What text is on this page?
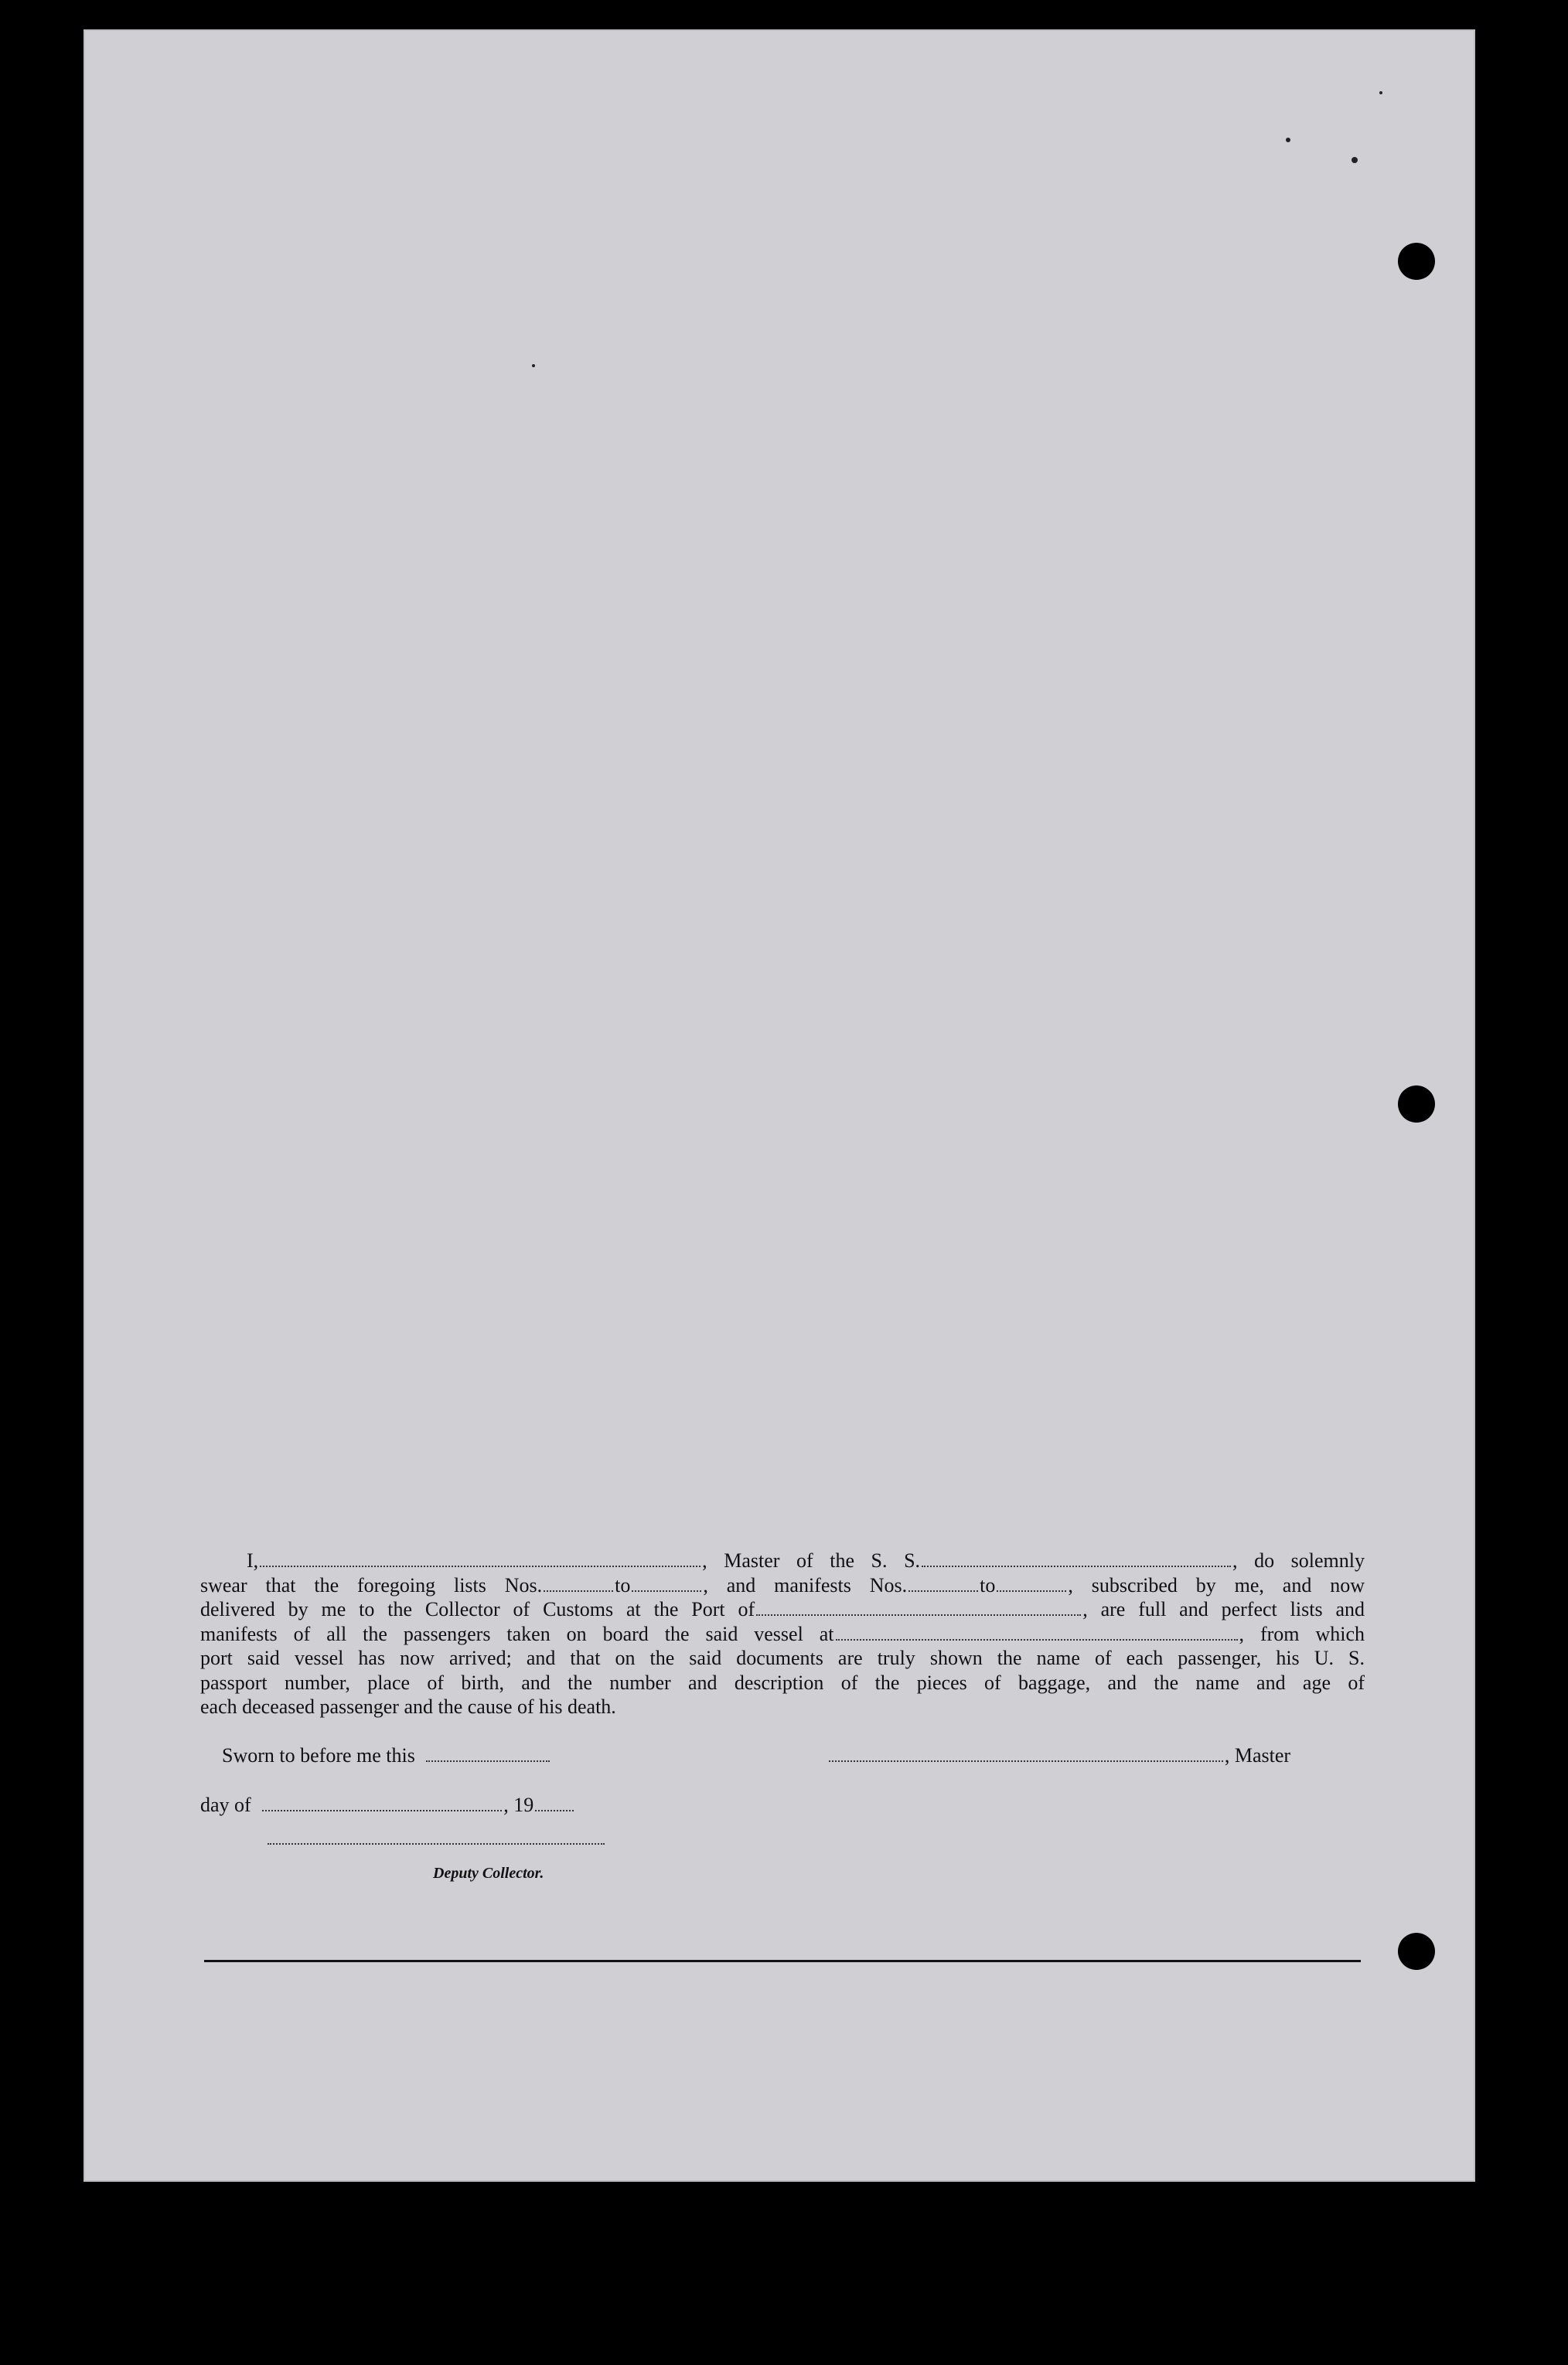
I,	, Master of the S. S.	, do solemnly
swear that the foregoing lists Nos.	to	, and manifests Nos.	to	, subscribed by me, and now
delivered by me to the Collector of Customs at the Port of	, are full and perfect lists and
manifests of all the passengers taken on board the said vessel at	, from which
port said vessel has now arrived; and that on the said documents are truly shown the name of each passenger, his U. S.
passport number, place of birth, and the number and description of the pieces of baggage, and the name and age of
each deceased passenger and the cause of his death.
Sworn to before me this	, Master
day of	, 19
Deputy Collector.
